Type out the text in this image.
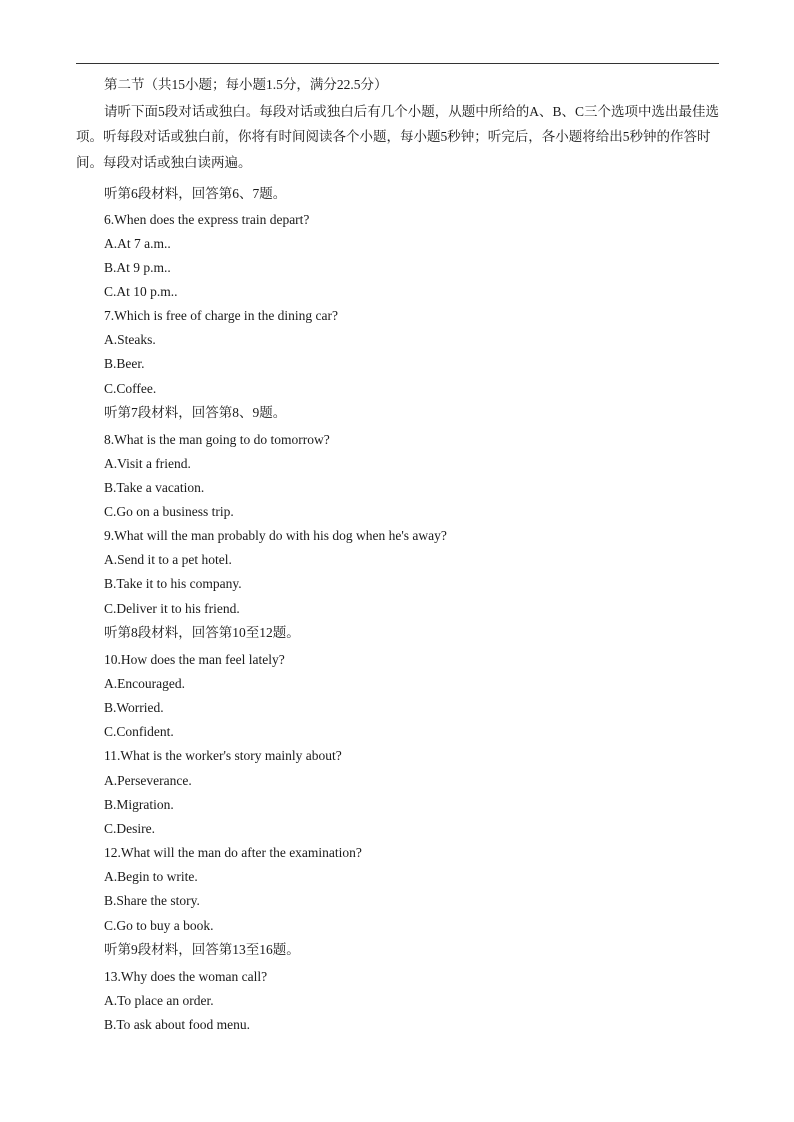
第二节（共15小题；每小题1.5分，满分22.5分）

请听下面5段对话或独白。每段对话或独白后有几个小题，从题中所给的A、B、C三个选项中选出最佳选项。听每段对话或独白前，你将有时间阅读各个小题，每小题5秒钟；听完后，各小题将给出5秒钟的作答时间。每段对话或独白读两遍。

听第6段材料，回答第6、7题。

6.When does the express train depart?

A.At 7 a.m..

B.At 9 p.m..

C.At 10 p.m..

7.Which is free of charge in the dining car?

A.Steaks.

B.Beer.

C.Coffee.

听第7段材料，回答第8、9题。

8.What is the man going to do tomorrow?

A.Visit a friend.

B.Take a vacation.

C.Go on a business trip.

9.What will the man probably do with his dog when he's away?

A.Send it to a pet hotel.

B.Take it to his company.

C.Deliver it to his friend.

听第8段材料，回答第10至12题。

10.How does the man feel lately?

A.Encouraged.

B.Worried.

C.Confident.

11.What is the worker's story mainly about?

A.Perseverance.

B.Migration.

C.Desire.

12.What will the man do after the examination?

A.Begin to write.

B.Share the story.

C.Go to buy a book.

听第9段材料，回答第13至16题。

13.Why does the woman call?

A.To place an order.

B.To ask about food menu.
